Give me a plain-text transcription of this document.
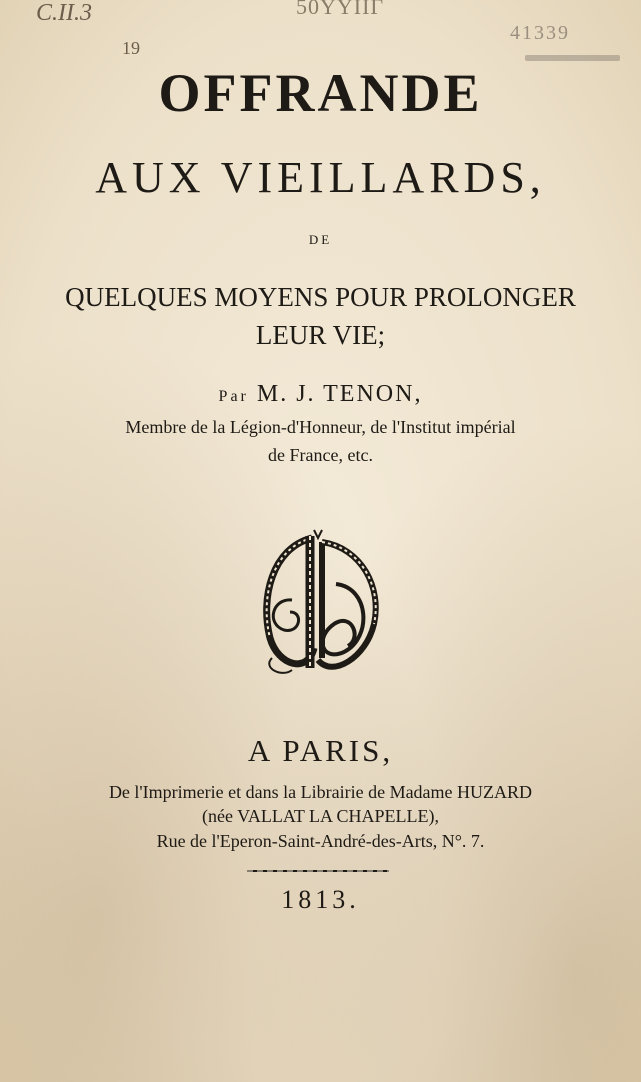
C.II.3
19
50ΥΥΙΙΓ
41339
OFFRANDE
AUX VIEILLARDS,
DE
QUELQUES MOYENS POUR PROLONGER
LEUR VIE;
Par M. J. TENON,
Membre de la Légion-d'Honneur, de l'Institut impérial
de France, etc.
A PARIS,
De l'Imprimerie et dans la Librairie de Madame HUZARD
(née VALLAT LA CHAPELLE),
Rue de l'Eperon-Saint-André-des-Arts, N°. 7.
1813.
